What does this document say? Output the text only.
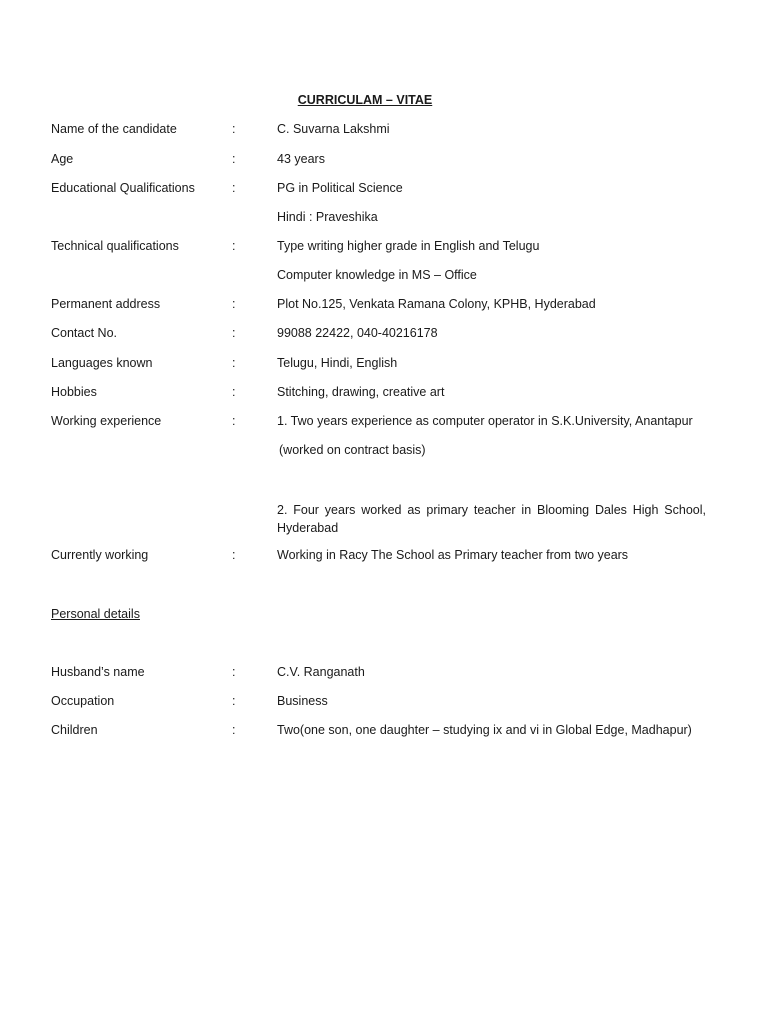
CURRICULAM – VITAE
Name of the candidate	:	C. Suvarna Lakshmi
Age	:	43 years
Educational Qualifications	:	PG in Political Science
Hindi : Praveshika
Technical qualifications	:	Type writing higher grade in English and Telugu
Computer knowledge in MS – Office
Permanent address	:	Plot No.125, Venkata Ramana Colony, KPHB, Hyderabad
Contact No.	:	99088 22422, 040-40216178
Languages known	:	Telugu, Hindi, English
Hobbies	:	Stitching, drawing, creative art
Working experience	:	1. Two years experience as computer operator in S.K.University, Anantapur
(worked on contract basis)
2. Four years worked as primary teacher in Blooming Dales High School, Hyderabad
Currently working	:	Working in Racy The School as Primary teacher from two years
Personal details
Husband’s name	:	C.V. Ranganath
Occupation	:	Business
Children	:	Two(one son, one daughter – studying ix and vi in Global Edge, Madhapur)
